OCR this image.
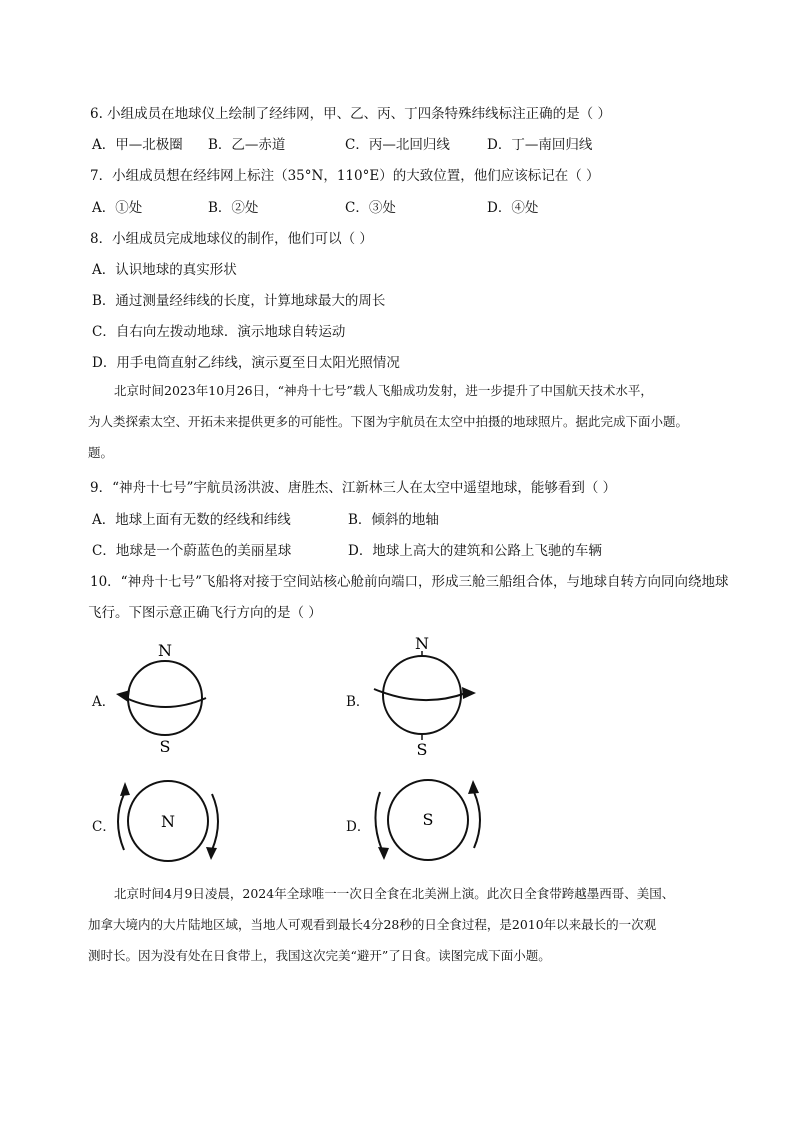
6. 小组成员在地球仪上绘制了经纬网，甲、乙、丙、丁四条特殊纬线标注正确的是（ ）
A．甲—北极圈 B．乙—赤道	C．丙—北回归线	D．丁—南回归线
7．小组成员想在经纬网上标注（35°N，110°E）的大致位置，他们应该标记在（ ）
A．①处	B．②处	C．③处	D．④处
8．小组成员完成地球仪的制作，他们可以（ ）
A．认识地球的真实形状
B．通过测量经纬线的长度，计算地球最大的周长
C．自右向左拨动地球．演示地球自转运动
D．用手电筒直射乙纬线，演示夏至日太阳光照情况
北京时间2023年10月26日，“神舟十七号”载人飞船成功发射，进一步提升了中国航天技术水平，
为人类探索太空、开拓未来提供更多的可能性。下图为宇航员在太空中拍摄的地球照片。据此完成下面小题。
题。
9．“神舟十七号”宇航员汤洪波、唐胜杰、江新林三人在太空中遥望地球，能够看到（ ）
A．地球上面有无数的经线和纬线	B．倾斜的地轴
C．地球是一个蔚蓝色的美丽星球	D．地球上高大的建筑和公路上飞驰的车辆
10．“神舟十七号”飞船将对接于空间站核心舱前向端口，形成三舱三船组合体，与地球自转方向同向绕地球
飞行。下图示意正确飞行方向的是（ ）
A．
N
S
B．
N
S
C．	N	D．	S
北京时间4月9日凌晨，2024年全球唯一一次日全食在北美洲上演。此次日全食带跨越墨西哥、美国、
加拿大境内的大片陆地区域，当地人可观看到最长4分28秒的日全食过程，是2010年以来最长的一次观
测时长。因为没有处在日食带上，我国这次完美“避开”了日食。读图完成下面小题。
